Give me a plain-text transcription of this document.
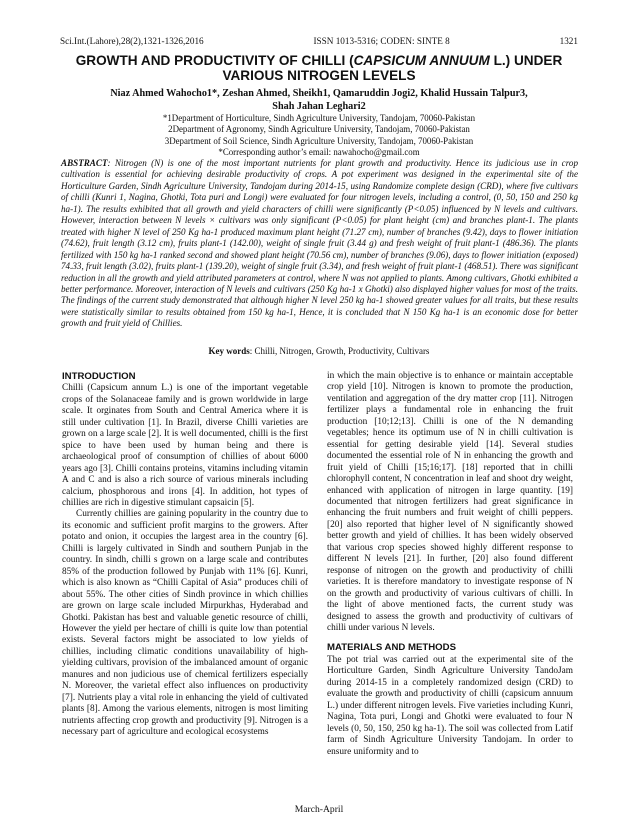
Sci.Int.(Lahore),28(2),1321-1326,2016	ISSN 1013-5316; CODEN: SINTE 8	1321
GROWTH AND PRODUCTIVITY OF CHILLI (CAPSICUM ANNUUM L.) UNDER
VARIOUS NITROGEN LEVELS
Niaz Ahmed Wahocho1*, Zeshan Ahmed, Sheikh1, Qamaruddin Jogi2, Khalid Hussain Talpur3,
Shah Jahan Leghari2
*1Department of Horticulture, Sindh Agriculture University, Tandojam, 70060-Pakistan
2Department of Agronomy, Sindh Agriculture University, Tandojam, 70060-Pakistan
3Department of Soil Science, Sindh Agriculture University, Tandojam, 70060-Pakistan
*Corresponding author’s email: nawahocho@gmail.com
ABSTRACT: Nitrogen (N) is one of the most important nutrients for plant growth and productivity. Hence its judicious use in crop cultivation is essential for achieving desirable productivity of crops. A pot experiment was designed in the experimental site of the Horticulture Garden, Sindh Agriculture University, Tandojam during 2014-15, using Randomize complete design (CRD), where five cultivars of chilli (Kunri 1, Nagina, Ghotki, Tota puri and Longi) were evaluated for four nitrogen levels, including a control, (0, 50, 150 and 250 kg ha-1). The results exhibited that all growth and yield characters of chilli were significantly (P<0.05) influenced by N levels and cultivars. However, interaction between N levels × cultivars was only significant (P<0.05) for plant height (cm) and branches plant-1. The plants treated with higher N level of 250 Kg ha-1 produced maximum plant height (71.27 cm), number of branches (9.42), days to flower initiation (74.62), fruit length (3.12 cm), fruits plant-1 (142.00), weight of single fruit (3.44 g) and fresh weight of fruit plant-1 (486.36). The plants fertilized with 150 kg ha-1 ranked second and showed plant height (70.56 cm), number of branches (9.06), days to flower initiation (exposed) 74.33, fruit length (3.02), fruits plant-1 (139.20), weight of single fruit (3.34), and fresh weight of fruit plant-1 (468.51). There was significant reduction in all the growth and yield attributed parameters at control, where N was not applied to plants. Among cultivars, Ghotki exhibited a better performance. Moreover, interaction of N levels and cultivars (250 Kg ha-1 x Ghotki) also displayed higher values for most of the traits. The findings of the current study demonstrated that although higher N level 250 kg ha-1 showed greater values for all traits, but these results were statistically similar to results obtained from 150 kg ha-1, Hence, it is concluded that N 150 Kg ha-1 is an economic dose for better growth and fruit yield of Chillies.
Key words: Chilli, Nitrogen, Growth, Productivity, Cultivars
INTRODUCTION

Chilli (Capsicum annum L.) is one of the important vegetable crops of the Solanaceae family and is grown worldwide in large scale. It orginates from South and Central America where it is still under cultivation [1]. In Brazil, diverse Chilli varieties are grown on a large scale [2]. It is well documented, chilli is the first spice to have been used by human being and there is archaeological proof of consumption of chillies of about 6000 years ago [3]. Chilli contains proteins, vitamins including vitamin A and C and is also a rich source of various minerals including calcium, phosphorous and irons [4]. In addition, hot types of chillies are rich in digestive stimulant capsaicin [5].

Currently chillies are gaining popularity in the country due to its economic and sufficient profit margins to the growers. After potato and onion, it occupies the largest area in the country [6]. Chilli is largely cultivated in Sindh and southern Punjab in the country. In sindh, chilli s grown on a large scale and contributes 85% of the production followed by Punjab with 11% [6]. Kunri, which is also known as “Chilli Capital of Asia” produces chili of about 55%. The other cities of Sindh province in which chillies are grown on large scale included Mirpurkhas, Hyderabad and Ghotki. Pakistan has best and valuable genetic resource of chilli, However the yield per hectare of chilli is quite low than potential exists. Several factors might be associated to low yields of chillies, including climatic conditions unavailability of high-yielding cultivars, provision of the imbalanced amount of organic manures and non judicious use of chemical fertilizers especially N. Moreover, the varietal effect also influences on productivity [7]. Nutrients play a vital role in enhancing the yield of cultivated plants [8]. Among the various elements, nitrogen is most limiting nutrients affecting crop growth and productivity [9]. Nitrogen is a necessary part of agriculture and ecological ecosystems

in which the main objective is to enhance or maintain acceptable crop yield [10]. Nitrogen is known to promote the production, ventilation and aggregation of the dry matter crop [11]. Nitrogen fertilizer plays a fundamental role in enhancing the fruit production [10;12;13]. Chilli is one of the N demanding vegetables; hence its optimum use of N in chilli cultivation is essential for getting desirable yield [14]. Several studies documented the essential role of N in enhancing the growth and fruit yield of Chilli [15;16;17]. [18] reported that in chilli chlorophyll content, N concentration in leaf and shoot dry weight, enhanced with application of nitrogen in large quantity. [19] documented that nitrogen fertilizers had great significance in enhancing the fruit numbers and fruit weight of chilli peppers. [20] also reported that higher level of N significantly showed better growth and yield of chillies. It has been widely observed that various crop species showed highly different response to different N levels [21]. In further, [20] also found different response of nitrogen on the growth and productivity of chilli varieties. It is therefore mandatory to investigate response of N on the growth and productivity of various cultivars of chilli. In the light of above mentioned facts, the current study was designed to assess the growth and productivity of cultivars of chilli under various N levels.

MATERIALS AND METHODS

The pot trial was carried out at the experimental site of the Horticulture Garden, Sindh Agriculture University TandoJam during 2014-15 in a completely randomized design (CRD) to evaluate the growth and productivity of chilli (capsicum annuum L.) under different nitrogen levels. Five varieties including Kunri, Nagina, Tota puri, Longi and Ghotki were evaluated to four N levels (0, 50, 150, 250 kg ha-1). The soil was collected from Latif farm of Sindh Agriculture University Tandojam. In order to ensure uniformity and to

March-April
